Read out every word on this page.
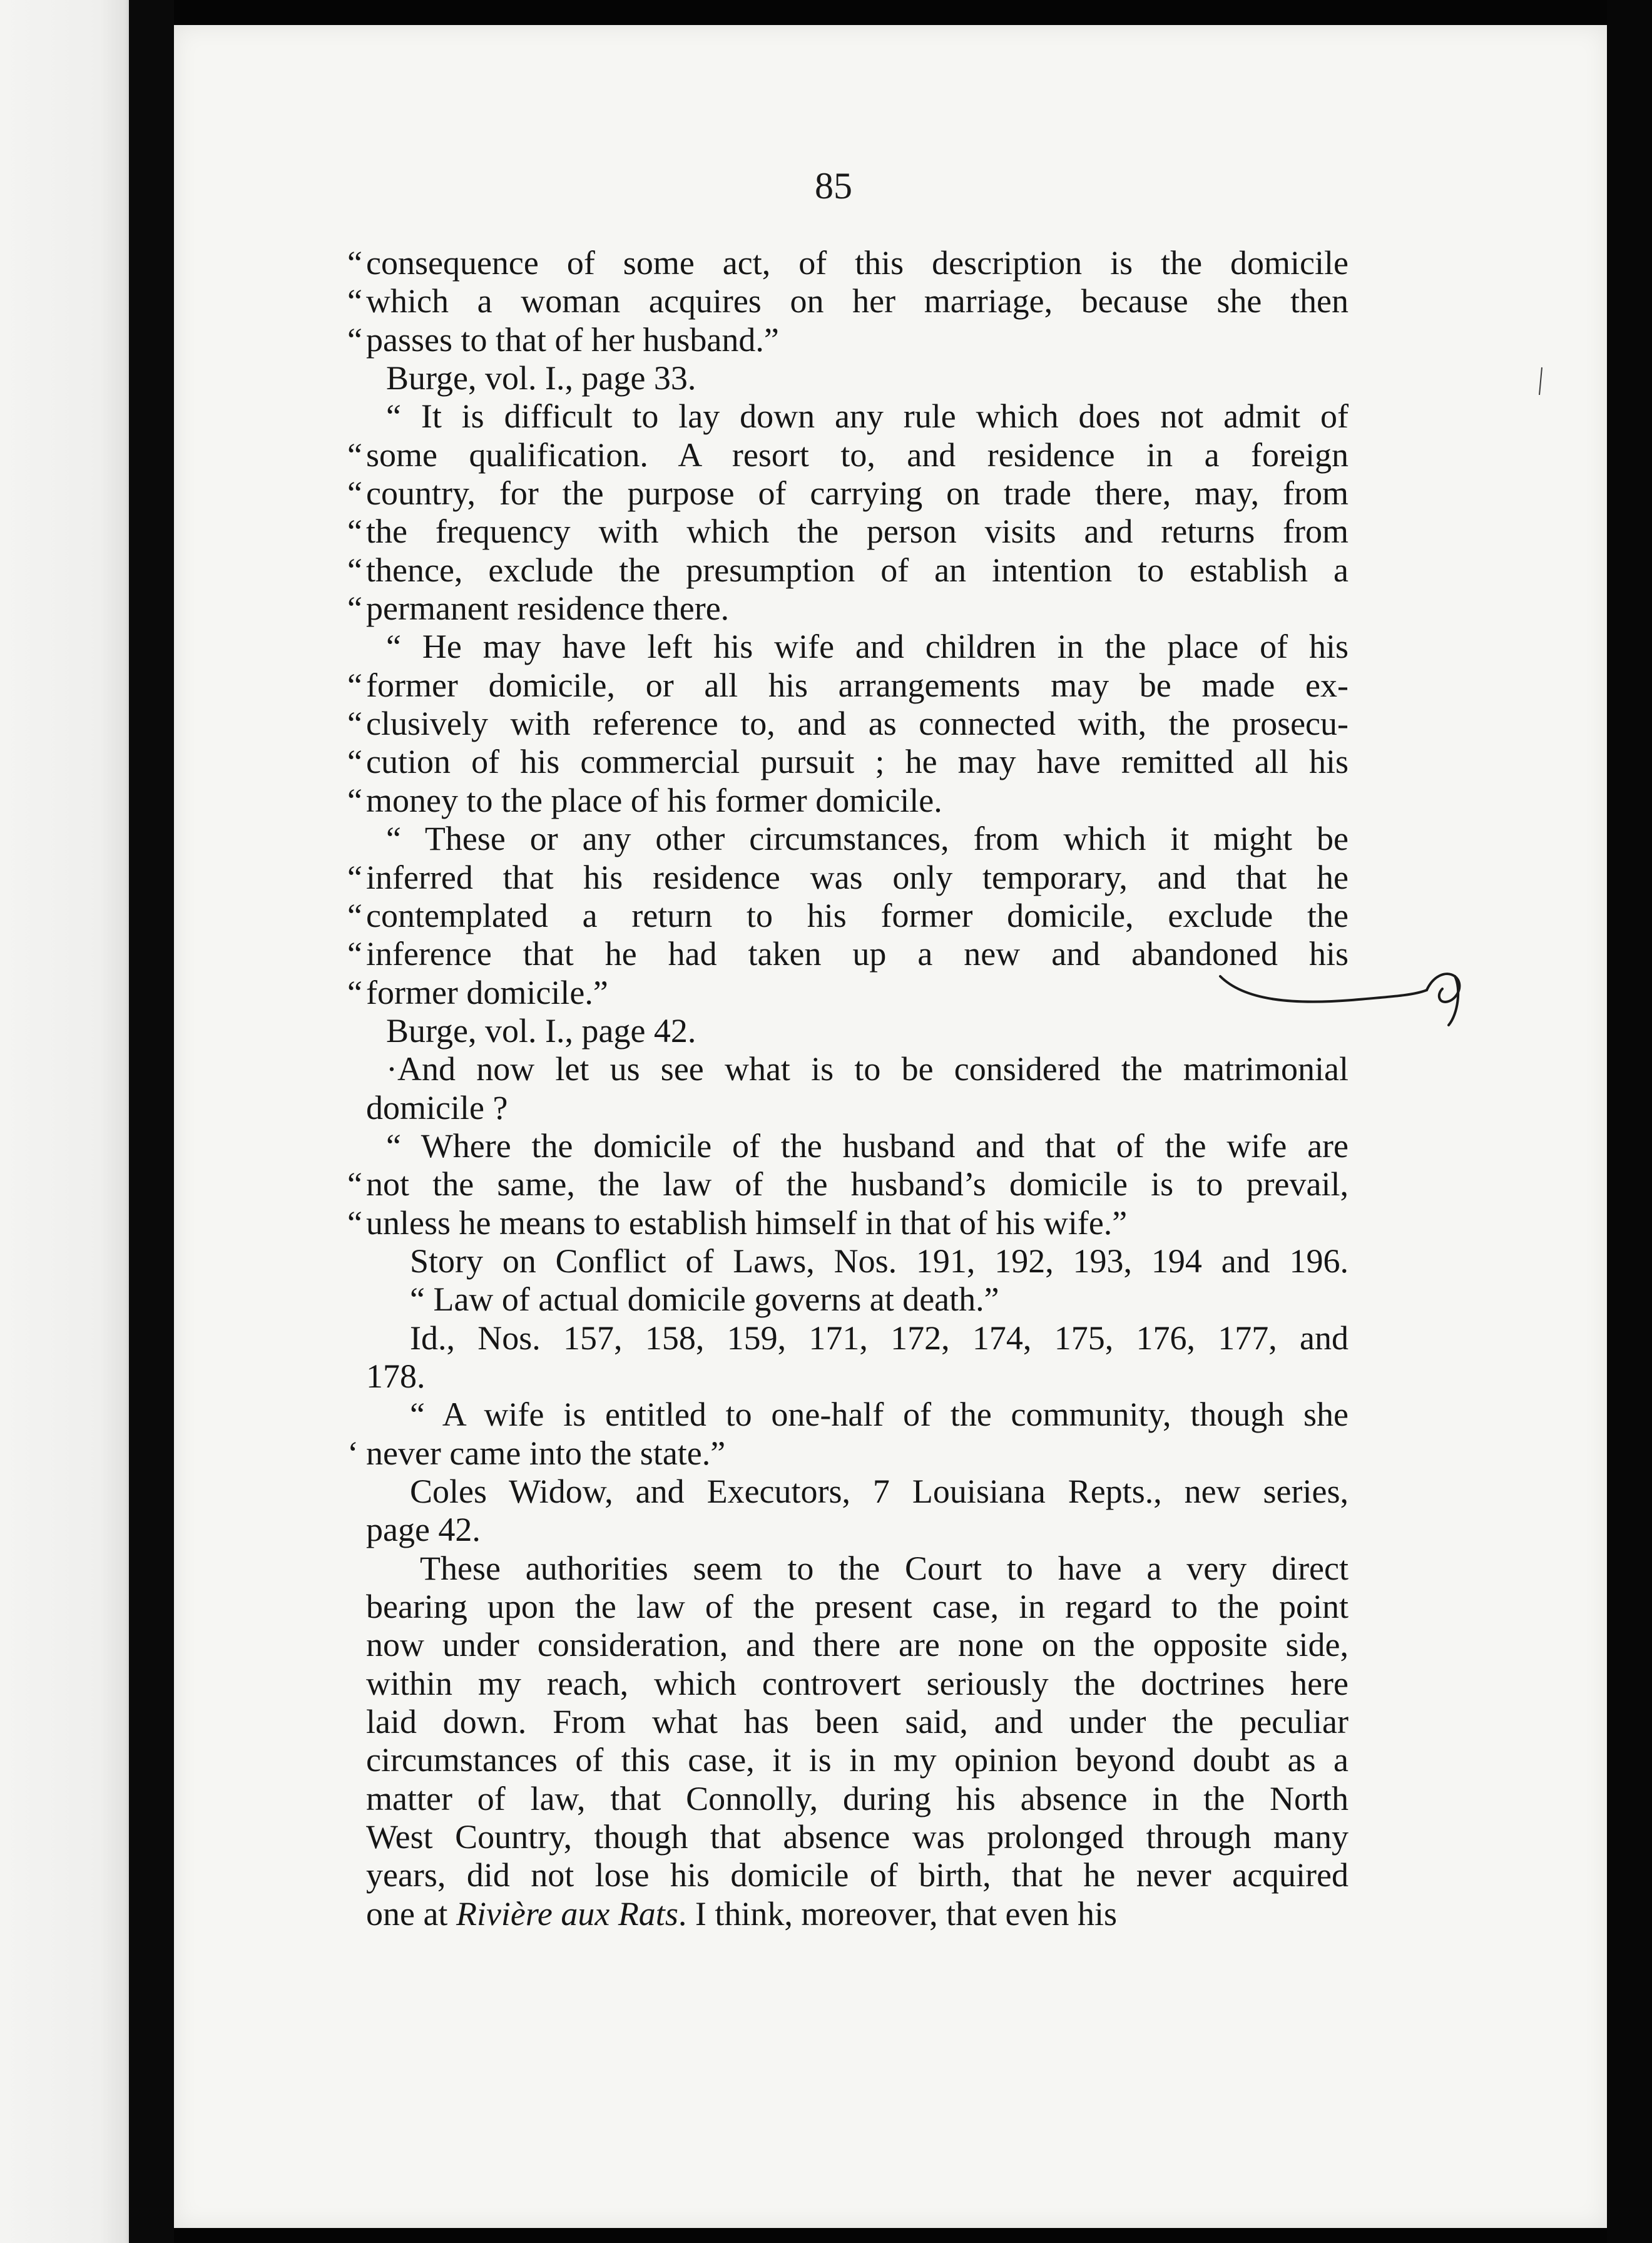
85
“ consequence of some act, of this description is the domicile
“ which a woman acquires on her marriage, because she then
“ passes to that of her husband.”
Burge, vol. I., page 33.
“ It is difficult to lay down any rule which does not admit of
“ some qualification. A resort to, and residence in a foreign
“ country, for the purpose of carrying on trade there, may, from
“ the frequency with which the person visits and returns from
“ thence, exclude the presumption of an intention to establish a
“ permanent residence there.
“ He may have left his wife and children in the place of his
“ former domicile, or all his arrangements may be made ex-
“ clusively with reference to, and as connected with, the prosecu-
“ cution of his commercial pursuit ; he may have remitted all his
“ money to the place of his former domicile.
“ These or any other circumstances, from which it might be
“ inferred that his residence was only temporary, and that he
“ contemplated a return to his former domicile, exclude the
“ inference that he had taken up a new and abandoned his
“ former domicile.”
Burge, vol. I., page 42.
·And now let us see what is to be considered the matrimonial
domicile ?
“ Where the domicile of the husband and that of the wife are
“ not the same, the law of the husband’s domicile is to prevail,
“ unless he means to establish himself in that of his wife.”
Story on Conflict of Laws, Nos. 191, 192, 193, 194 and 196.
“ Law of actual domicile governs at death.”
Id., Nos. 157, 158, 159, 171, 172, 174, 175, 176, 177, and
178.
“ A wife is entitled to one-half of the community, though she
‘ never came into the state.”
Coles Widow, and Executors, 7 Louisiana Repts., new series,
page 42.
These authorities seem to the Court to have a very direct
bearing upon the law of the present case, in regard to the point
now under consideration, and there are none on the opposite side,
within my reach, which controvert seriously the doctrines here
laid down. From what has been said, and under the peculiar
circumstances of this case, it is in my opinion beyond doubt as a
matter of law, that Connolly, during his absence in the North
West Country, though that absence was prolonged through many
years, did not lose his domicile of birth, that he never acquired
one at Rivière aux Rats. I think, moreover, that even his
